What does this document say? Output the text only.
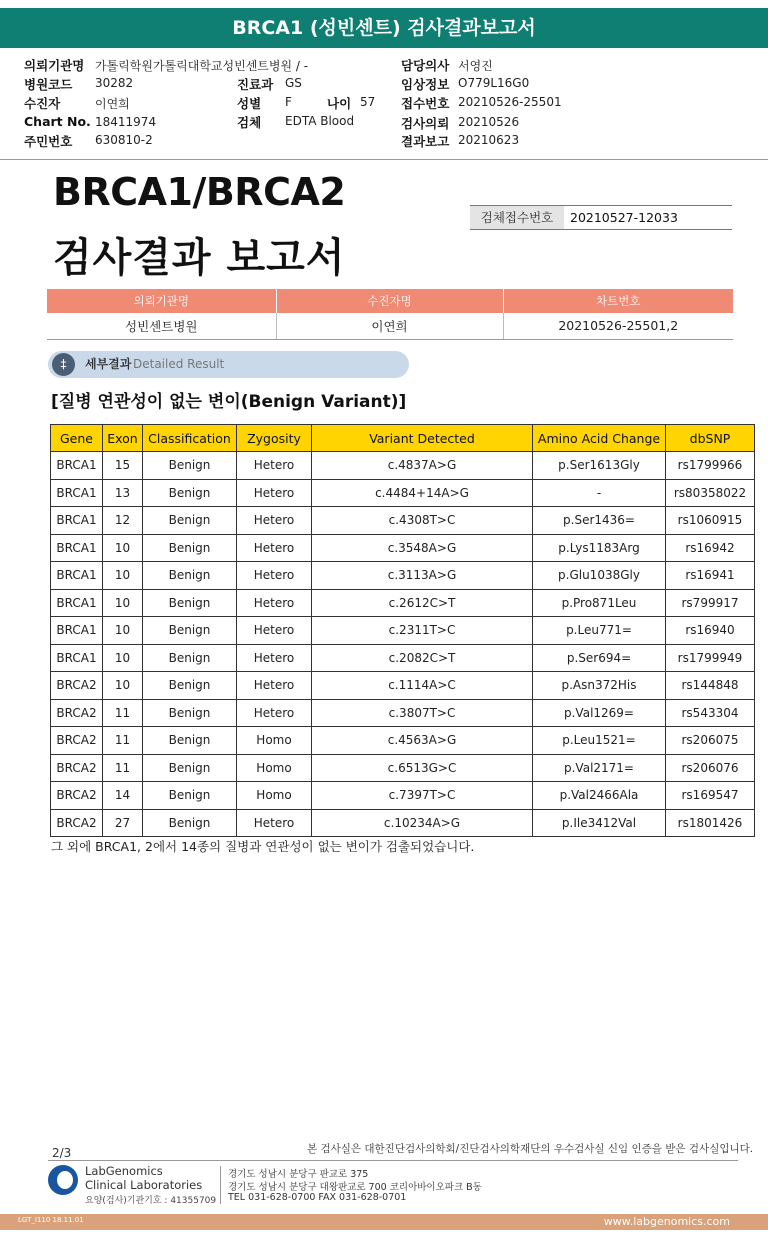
BRCA1 (성빈센트) 검사결과보고서
의뢰기관명 가톨릭학원가톨릭대학교성빈센트병원 / -	담당의사 서영진
병원코드 30282	진료과 GS	임상정보 O779L16G0
수진자	이연희	성별 F	나이 57 접수번호 20210526-25501
Chart No. 18411974	검체 EDTA Blood	검사의뢰 20210526
주민번호 630810-2	결과보고 20210623
BRCA1/BRCA2
검사결과 보고서
검체접수번호	20210527-12033
의뢰기관명	수진자명	차트번호
성빈센트병원	이연희	20210526-25501,2
‡	세부결과 Detailed Result
[질병 연관성이 없는 변이(Benign Variant)]
Gene	Exon	Classification	Zygosity	Variant Detected	Amino Acid Change	dbSNP
BRCA1	15	Benign	Hetero	c.4837A>G	p.Ser1613Gly	rs1799966
BRCA1	13	Benign	Hetero	c.4484+14A>G	-	rs80358022
BRCA1	12	Benign	Hetero	c.4308T>C	p.Ser1436=	rs1060915
BRCA1	10	Benign	Hetero	c.3548A>G	p.Lys1183Arg	rs16942
BRCA1	10	Benign	Hetero	c.3113A>G	p.Glu1038Gly	rs16941
BRCA1	10	Benign	Hetero	c.2612C>T	p.Pro871Leu	rs799917
BRCA1	10	Benign	Hetero	c.2311T>C	p.Leu771=	rs16940
BRCA1	10	Benign	Hetero	c.2082C>T	p.Ser694=	rs1799949
BRCA2	10	Benign	Hetero	c.1114A>C	p.Asn372His	rs144848
BRCA2	11	Benign	Hetero	c.3807T>C	p.Val1269=	rs543304
BRCA2	11	Benign	Homo	c.4563A>G	p.Leu1521=	rs206075
BRCA2	11	Benign	Homo	c.6513G>C	p.Val2171=	rs206076
BRCA2	14	Benign	Homo	c.7397T>C	p.Val2466Ala	rs169547
BRCA2	27	Benign	Hetero	c.10234A>G	p.Ile3412Val	rs1801426
그 외에 BRCA1, 2에서 14종의 질병과 연관성이 없는 변이가 검출되었습니다.
2/3	본 검사실은 대한진단검사의학회/진단검사의학재단의 우수검사실 신임 인증을 받은 검사실입니다.
LabGenomics
Clinical Laboratories
요양(검사)기관기호 : 41355709
경기도 성남시 분당구 판교로 375
경기도 성남시 분당구 대왕판교로 700 코리아바이오파크 B동
TEL 031-628-0700 FAX 031-628-0701
LGT_I110 18.11.01	www.labgenomics.com
